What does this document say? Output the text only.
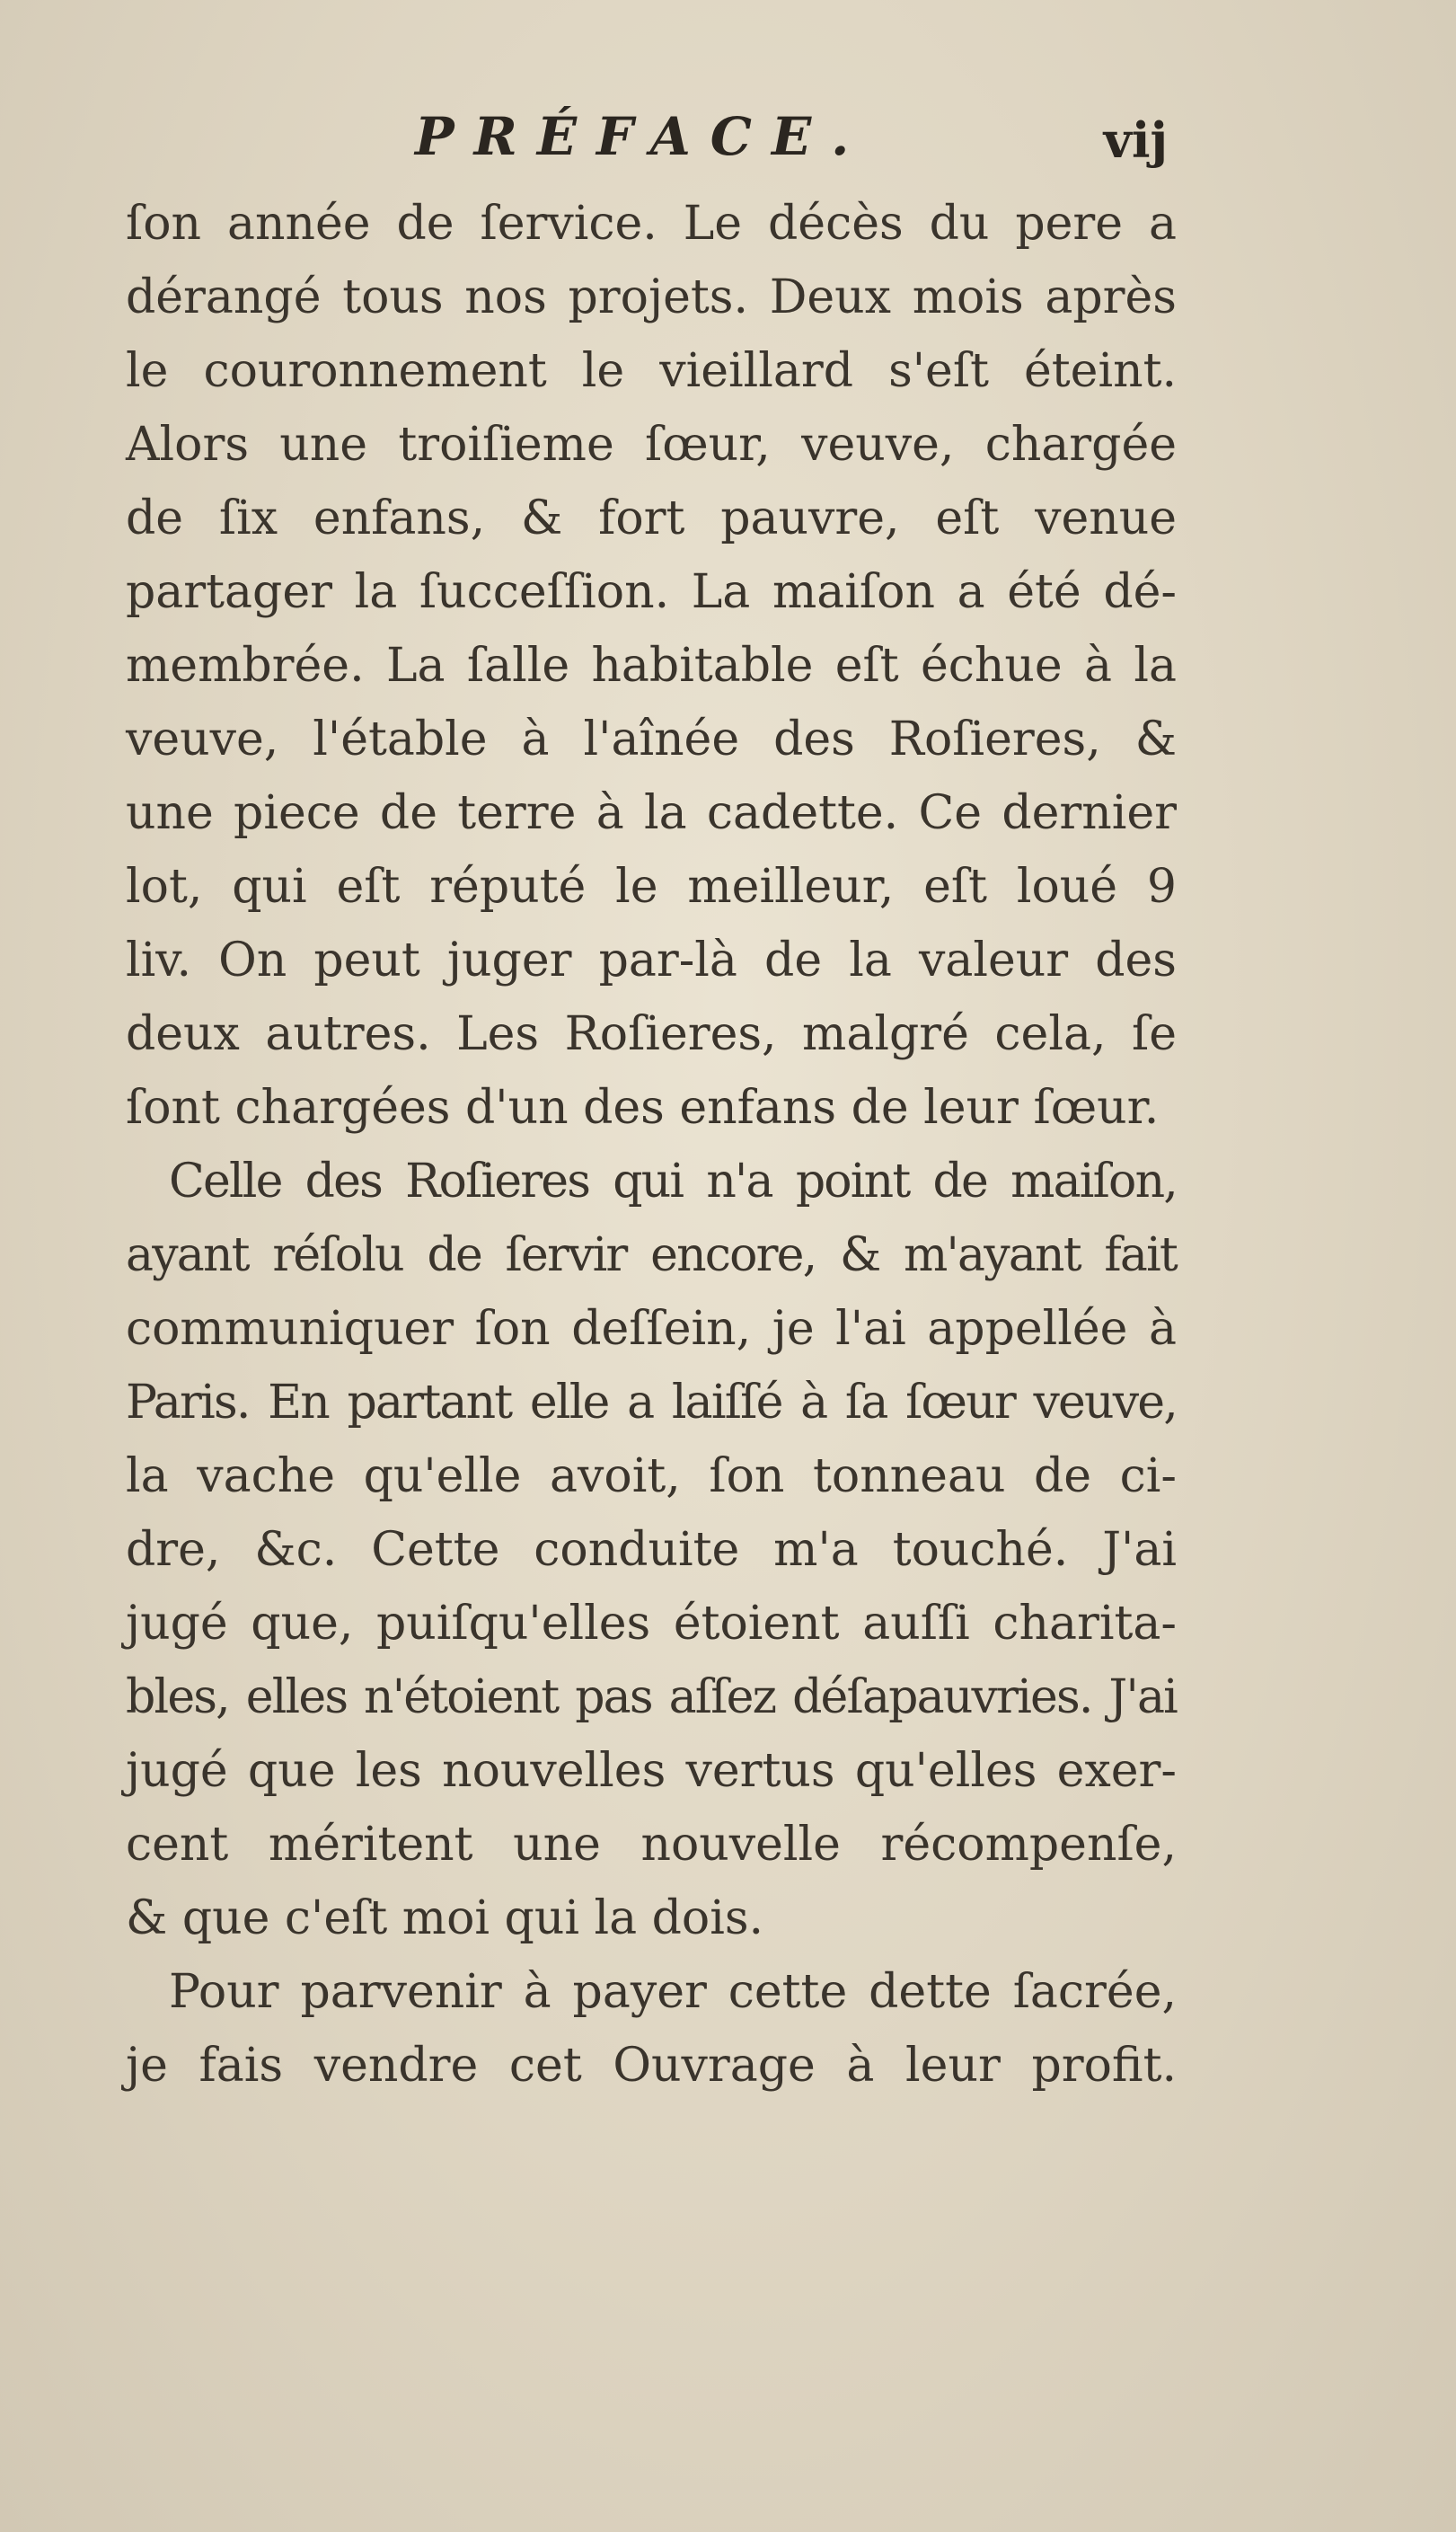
PRÉFACE.	vij
ſon année de ſervice. Le décès du pere a
dérangé tous nos projets. Deux mois après
le couronnement le vieillard s'eſt éteint.
Alors une troiſieme ſœur, veuve, chargée
de ſix enfans, & fort pauvre, eſt venue
partager la ſucceſſion. La maiſon a été dé-
membrée. La ſalle habitable eſt échue à la
veuve, l'étable à l'aînée des Roſieres, &
une piece de terre à la cadette. Ce dernier
lot, qui eſt réputé le meilleur, eſt loué 9
liv. On peut juger par-là de la valeur des
deux autres. Les Roſieres, malgré cela, ſe
ſont chargées d'un des enfans de leur ſœur.
Celle des Roſieres qui n'a point de maiſon,
ayant réſolu de ſervir encore, & m'ayant fait
communiquer ſon deſſein, je l'ai appellée à
Paris. En partant elle a laiſſé à ſa ſœur veuve,
la vache qu'elle avoit, ſon tonneau de ci-
dre, &c. Cette conduite m'a touché. J'ai
jugé que, puiſqu'elles étoient auſſi charita-
bles, elles n'étoient pas aſſez déſapauvries. J'ai
jugé que les nouvelles vertus qu'elles exer-
cent méritent une nouvelle récompenſe,
& que c'eſt moi qui la dois.
Pour parvenir à payer cette dette ſacrée,
je fais vendre cet Ouvrage à leur profit.
